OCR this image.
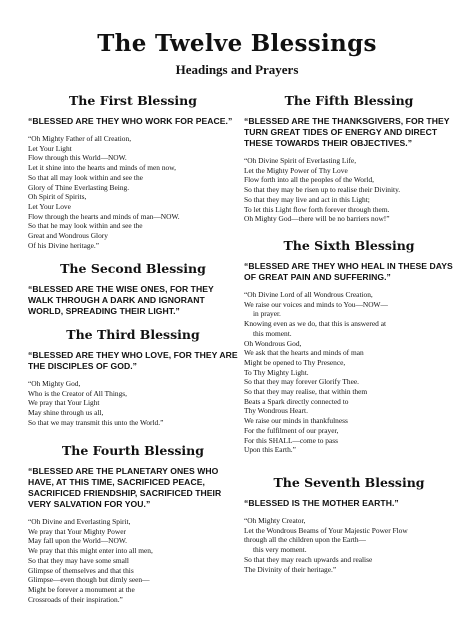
The Twelve Blessings
Headings and Prayers
The First Blessing

“BLESSED ARE THEY WHO WORK FOR PEACE.”

“Oh Mighty Father of all Creation,
Let Your Light
Flow through this World—NOW.
Let it shine into the hearts and minds of men now,
So that all may look within and see the
Glory of Thine Everlasting Being.
Oh Spirit of Spirits,
Let Your Love
Flow through the hearts and minds of man—NOW.
So that he may look within and see the
Great and Wondrous Glory
Of his Divine heritage.”
The Second Blessing

“BLESSED ARE THE WISE ONES, FOR THEY WALK THROUGH A DARK AND IGNORANT WORLD, SPREADING THEIR LIGHT.”

The Third Blessing

“BLESSED ARE THEY WHO LOVE, FOR THEY ARE THE DISCIPLES OF GOD.”

“Oh Mighty God,
Who is the Creator of All Things,
We pray that Your Light
May shine through us all,
So that we may transmit this unto the World.”
The Fourth Blessing

“BLESSED ARE THE PLANETARY ONES WHO HAVE, AT THIS TIME, SACRIFICED PEACE, SACRIFICED FRIENDSHIP, SACRIFICED THEIR VERY SALVATION FOR YOU.”

“Oh Divine and Everlasting Spirit,
We pray that Your Mighty Power
May fall upon the World—NOW.
We pray that this might enter into all men,
So that they may have some small
Glimpse of themselves and that this
Glimpse—even though but dimly seen—
Might be forever a monument at the
Crossroads of their inspiration.”
The Fifth Blessing

“BLESSED ARE THE THANKSGIVERS, FOR THEY TURN GREAT TIDES OF ENERGY AND DIRECT THESE TOWARDS THEIR OBJECTIVES.”

“Oh Divine Spirit of Everlasting Life,
Let the Mighty Power of Thy Love
Flow forth into all the peoples of the World,
So that they may be risen up to realise their Divinity.
So that they may live and act in this Light;
To let this Light flow forth forever through them.
Oh Mighty God—there will be no barriers now!”
The Sixth Blessing

“BLESSED ARE THEY WHO HEAL IN THESE DAYS OF GREAT PAIN AND SUFFERING.”

“Oh Divine Lord of all Wondrous Creation,
We raise our voices and minds to You—NOW—
in prayer.
Knowing even as we do, that this is answered at
this moment.
Oh Wondrous God,
We ask that the hearts and minds of man
Might be opened to Thy Presence,
To Thy Mighty Light.
So that they may forever Glorify Thee.
So that they may realise, that within them
Beats a Spark directly connected to
Thy Wondrous Heart.
We raise our minds in thankfulness
For the fulfilment of our prayer,
For this SHALL—come to pass
Upon this Earth.”
The Seventh Blessing

“BLESSED IS THE MOTHER EARTH.”

“Oh Mighty Creator,
Let the Wondrous Beams of Your Majestic Power Flow
through all the children upon the Earth—
this very moment.
So that they may reach upwards and realise
The Divinity of their heritage.”
